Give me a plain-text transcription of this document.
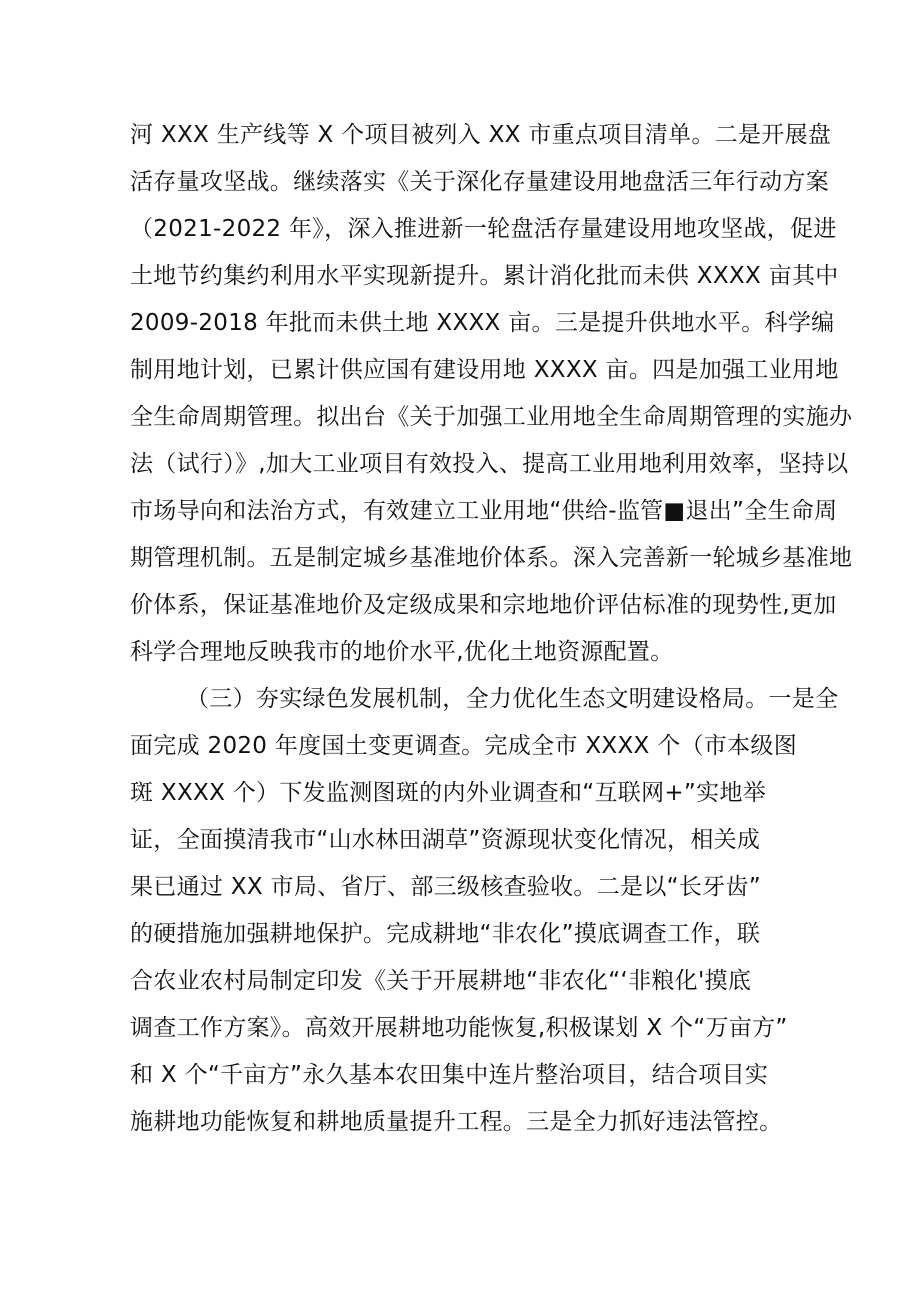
河 XXX 生产线等 X 个项目被列入 XX 市重点项目清单。二是开展盘
活存量攻坚战。继续落实《关于深化存量建设用地盘活三年行动方案
（2021-2022 年》，深入推进新一轮盘活存量建设用地攻坚战，促进
土地节约集约利用水平实现新提升。累计消化批而未供 XXXX 亩其中
2009-2018 年批而未供土地 XXXX 亩。三是提升供地水平。科学编
制用地计划，已累计供应国有建设用地 XXXX 亩。四是加强工业用地
全生命周期管理。拟出台《关于加强工业用地全生命周期管理的实施办
法（试行）》,加大工业项目有效投入、提高工业用地利用效率，坚持以
市场导向和法治方式，有效建立工业用地“供给-监管■退出”全生命周
期管理机制。五是制定城乡基准地价体系。深入完善新一轮城乡基准地
价体系，保证基准地价及定级成果和宗地地价评估标准的现势性,更加
科学合理地反映我市的地价水平,优化土地资源配置。
（三）夯实绿色发展机制，全力优化生态文明建设格局。一是全
面完成 2020 年度国土变更调查。完成全市 XXXX 个（市本级图
斑 XXXX 个）下发监测图斑的内外业调查和“互联网+”实地举
证，全面摸清我市“山水林田湖草”资源现状变化情况，相关成
果已通过 XX 市局、省厅、部三级核查验收。二是以“长牙齿”
的硬措施加强耕地保护。完成耕地“非农化”摸底调查工作，联
合农业农村局制定印发《关于开展耕地“非农化“‘非粮化'摸底
调查工作方案》。高效开展耕地功能恢复,积极谋划 X 个“万亩方”
和 X 个“千亩方”永久基本农田集中连片整治项目，结合项目实
施耕地功能恢复和耕地质量提升工程。三是全力抓好违法管控。
